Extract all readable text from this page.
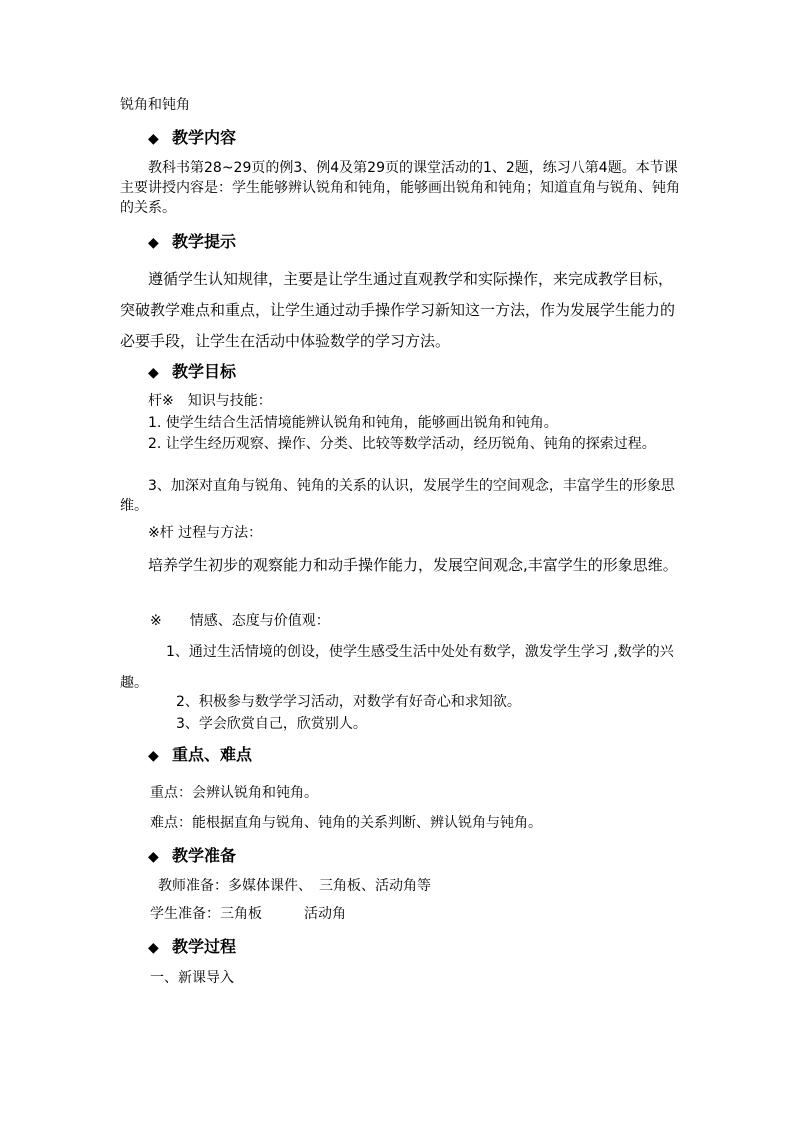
锐角和钝角
◆ 教学内容
教科书第28~29页的例3、例4及第29页的课堂活动的1、2题，练习八第4题。本节课主要讲授内容是：学生能够辨认锐角和钝角，能够画出锐角和钝角；知道直角与锐角、钝角的关系。
◆ 教学提示
遵循学生认知规律，主要是让学生通过直观教学和实际操作，来完成教学目标，突破教学难点和重点，让学生通过动手操作学习新知这一方法，作为发展学生能力的必要手段，让学生在活动中体验数学的学习方法。
◆ 教学目标
杆※　知识与技能：
1. 使学生结合生活情境能辨认锐角和钝角，能够画出锐角和钝角。
2. 让学生经历观察、操作、分类、比较等数学活动，经历锐角、钝角的探索过程。
3、加深对直角与锐角、钝角的关系的认识，发展学生的空间观念，丰富学生的形象思维。
※杆 过程与方法：
培养学生初步的观察能力和动手操作能力，发展空间观念,丰富学生的形象思维。
※　　情感、态度与价值观：
1、通过生活情境的创设，使学生感受生活中处处有数学，激发学生学习 ,数学的兴趣。
2、积极参与数学学习活动，对数学有好奇心和求知欲。
3、学会欣赏自己，欣赏别人。
◆ 重点、难点
重点：会辨认锐角和钝角。
难点：能根据直角与锐角、钝角的关系判断、辨认锐角与钝角。
◆ 教学准备
教师准备：多媒体课件、　三角板、活动角等
学生准备：三角板　　　活动角
◆ 教学过程
一、新课导入
